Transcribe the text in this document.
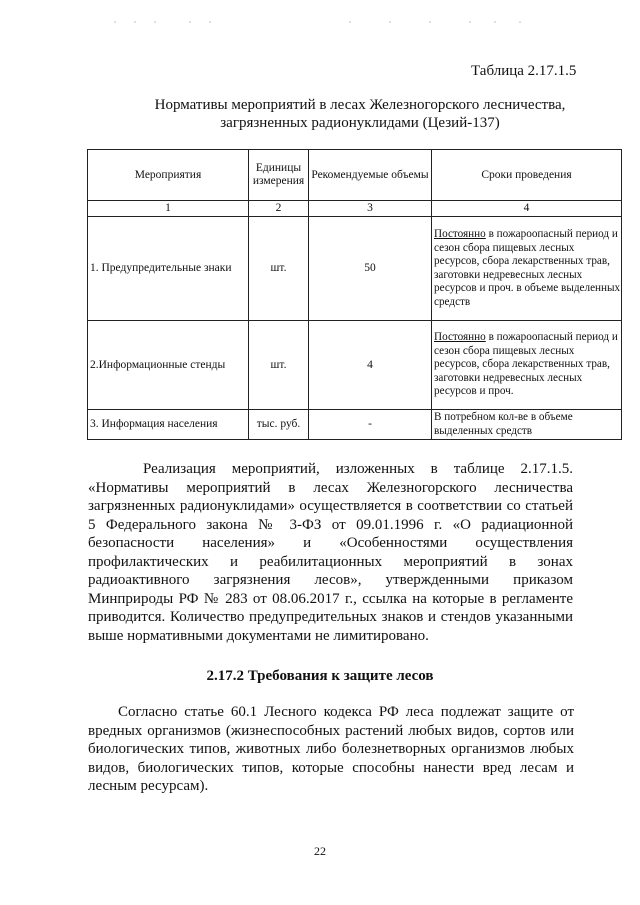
Таблица 2.17.1.5
Нормативы мероприятий в лесах Железногорского лесничества,
загрязненных радионуклидами (Цезий-137)
Мероприятия	Единицы измерения	Рекомендуемые объемы	Сроки проведения
1	2	3	4
1. Предупредительные знаки	шт.	50	Постоянно в пожароопасный период и сезон сбора пищевых лесных ресурсов, сбора лекарственных трав, заготовки недревесных лесных ресурсов и проч. в объеме выделенных средств
2.Информационные стенды	шт.	4	Постоянно в пожароопасный период и сезон сбора пищевых лесных ресурсов, сбора лекарственных трав, заготовки недревесных лесных ресурсов и проч.
3. Информация населения	тыс. руб.	-	В потребном кол-ве в объеме выделенных средств
Реализация мероприятий, изложенных в таблице 2.17.1.5. «Нормативы мероприятий в лесах Железногорского лесничества загрязненных радионуклидами» осуществляется в соответствии со статьей 5 Федерального закона № 3-ФЗ от 09.01.1996 г. «О радиационной безопасности населения» и «Особенностями осуществления профилактических и реабилитационных мероприятий в зонах радиоактивного загрязнения лесов», утвержденными приказом Минприроды РФ № 283 от 08.06.2017 г., ссылка на которые в регламенте приводится. Количество предупредительных знаков и стендов указанными выше нормативными документами не лимитировано.
2.17.2 Требования к защите лесов
Согласно статье 60.1 Лесного кодекса РФ леса подлежат защите от вредных организмов (жизнеспособных растений любых видов, сортов или биологических типов, животных либо болезнетворных организмов любых видов, биологических типов, которые способны нанести вред лесам и лесным ресурсам).
22
